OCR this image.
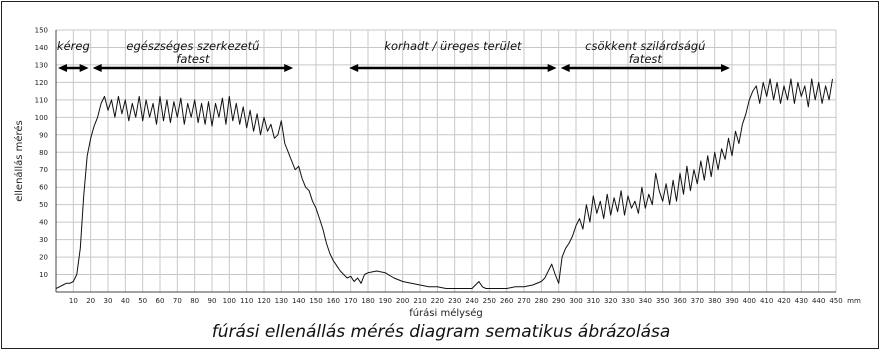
10 20 30 40 50 60 70 80 90 100 110 120 130 140 150 160 170 180 190 200 210 220 230 240 250 260 270 280 290 300 310 320 330 340 350 360 370 380 390 400 410 420 430 440 450 mm
10
20
30
40
50
60
70
80
90
100
110
120
130
140
150
fúrási mélység
ellenállás mérés
kéreg	egészséges szerkezetű
fatest
korhadt / üreges terület	csökkent szilárdságú
fatest
fúrási ellenállás mérés diagram sematikus ábrázolása
